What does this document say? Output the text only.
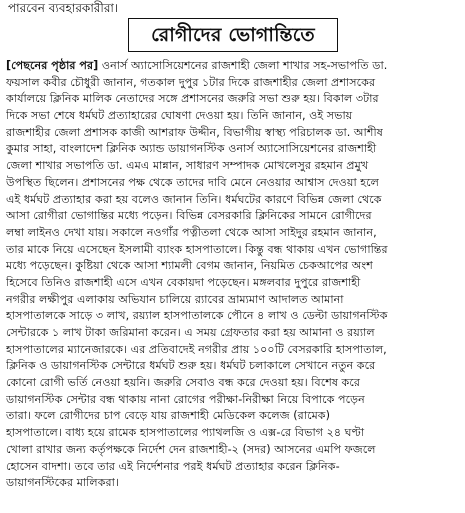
পারবেন ব্যবহারকারীরা।
রোগীদের ভোগান্তিতে
[পেছনের পৃষ্ঠার পর] ওনার্স অ্যাসোসিয়েশনের রাজশাহী জেলা শাখার সহ-সভাপতি ডা.
ফয়সাল কবীর চৌধুরী জানান, গতকাল দুপুর ১টার দিকে রাজশাহীর জেলা প্রশাসকের
কার্যালয়ে ক্লিনিক মালিক নেতাদের সঙ্গে প্রশাসনের জরুরি সভা শুরু হয়। বিকাল ৩টার
দিকে সভা শেষে ধর্মঘট প্রত্যাহারের ঘোষণা দেওয়া হয়। তিনি জানান, ওই সভায়
রাজশাহীর জেলা প্রশাসক কাজী আশরাফ উদ্দীন, বিভাগীয় স্বাস্থ্য পরিচালক ডা. আশীষ
কুমার সাহা, বাংলাদেশ ক্লিনিক অ্যান্ড ডায়াগনস্টিক ওনার্স অ্যাসোসিয়েশনের রাজশাহী
জেলা শাখার সভাপতি ডা. এমএ মান্নান, সাধারণ সম্পাদক মোখলেসুর রহমান প্রমুখ
উপস্থিত ছিলেন। প্রশাসনের পক্ষ থেকে তাদের দাবি মেনে নেওয়ার আশ্বাস দেওয়া হলে
এই ধর্মঘট প্রত্যাহার করা হয় বলেও জানান তিনি। ধর্মঘটের কারণে বিভিন্ন জেলা থেকে
আসা রোগীরা ভোগান্তির মধ্যে পড়েন। বিভিন্ন বেসরকারি ক্লিনিকের সামনে রোগীদের
লম্বা লাইনও দেখা যায়। সকালে নওগাঁর পত্নীতলা থেকে আসা সাইদুর রহমান জানান,
তার মাকে নিয়ে এসেছেন ইসলামী ব্যাংক হাসপাতালে। কিন্তু বন্ধ থাকায় এখন ভোগান্তির
মধ্যে পড়েছেন। কুষ্টিয়া থেকে আসা শ্যামলী বেগম জানান, নিয়মিত চেকআপের অংশ
হিসেবে তিনিও রাজশাহী এসে এখন বেকায়দা পড়েছেন। মঙ্গলবার দুপুরে রাজশাহী
নগরীর লক্ষীপুর এলাকায় অভিযান চালিয়ে র‍্যাবের ভ্রাম্যমাণ আদালত আমানা
হাসপাতালকে সাড়ে ৩ লাখ, রয়্যাল হাসপাতালকে পৌনে ৪ লাখ ও ডেল্টা ডায়াগনস্টিক
সেন্টারকে ১ লাখ টাকা জরিমানা করেন। এ সময় গ্রেফতার করা হয় আমানা ও রয়্যাল
হাসপাতালের ম্যানেজারকে। এর প্রতিবাদেই নগরীর প্রায় ১০০টি বেসরকারি হাসপাতাল,
ক্লিনিক ও ডায়াগনস্টিক সেন্টারে ধর্মঘট শুরু হয়। ধর্মঘট চলাকালে সেখানে নতুন করে
কোনো রোগী ভর্তি নেওয়া হয়নি। জরুরি সেবাও বন্ধ করে দেওয়া হয়। বিশেষ করে
ডায়াগনস্টিক সেন্টার বন্ধ থাকায় নানা রোগের পরীক্ষা-নিরীক্ষা নিয়ে বিপাকে পড়েন
তারা। ফলে রোগীদের চাপ বেড়ে যায় রাজশাহী মেডিকেল কলেজ (রামেক)
হাসপাতালে। বাধ্য হয়ে রামেক হাসপাতালের প্যাথলজি ও এক্স-রে বিভাগ ২৪ ঘণ্টা
খোলা রাখার জন্য কর্তৃপক্ষকে নির্দেশ দেন রাজশাহী-২ (সদর) আসনের এমপি ফজলে
হোসেন বাদশা। তবে তার এই নির্দেশনার পরই ধর্মঘট প্রত্যাহার করেন ক্লিনিক-
ডায়াগনস্টিকের মালিকরা।
